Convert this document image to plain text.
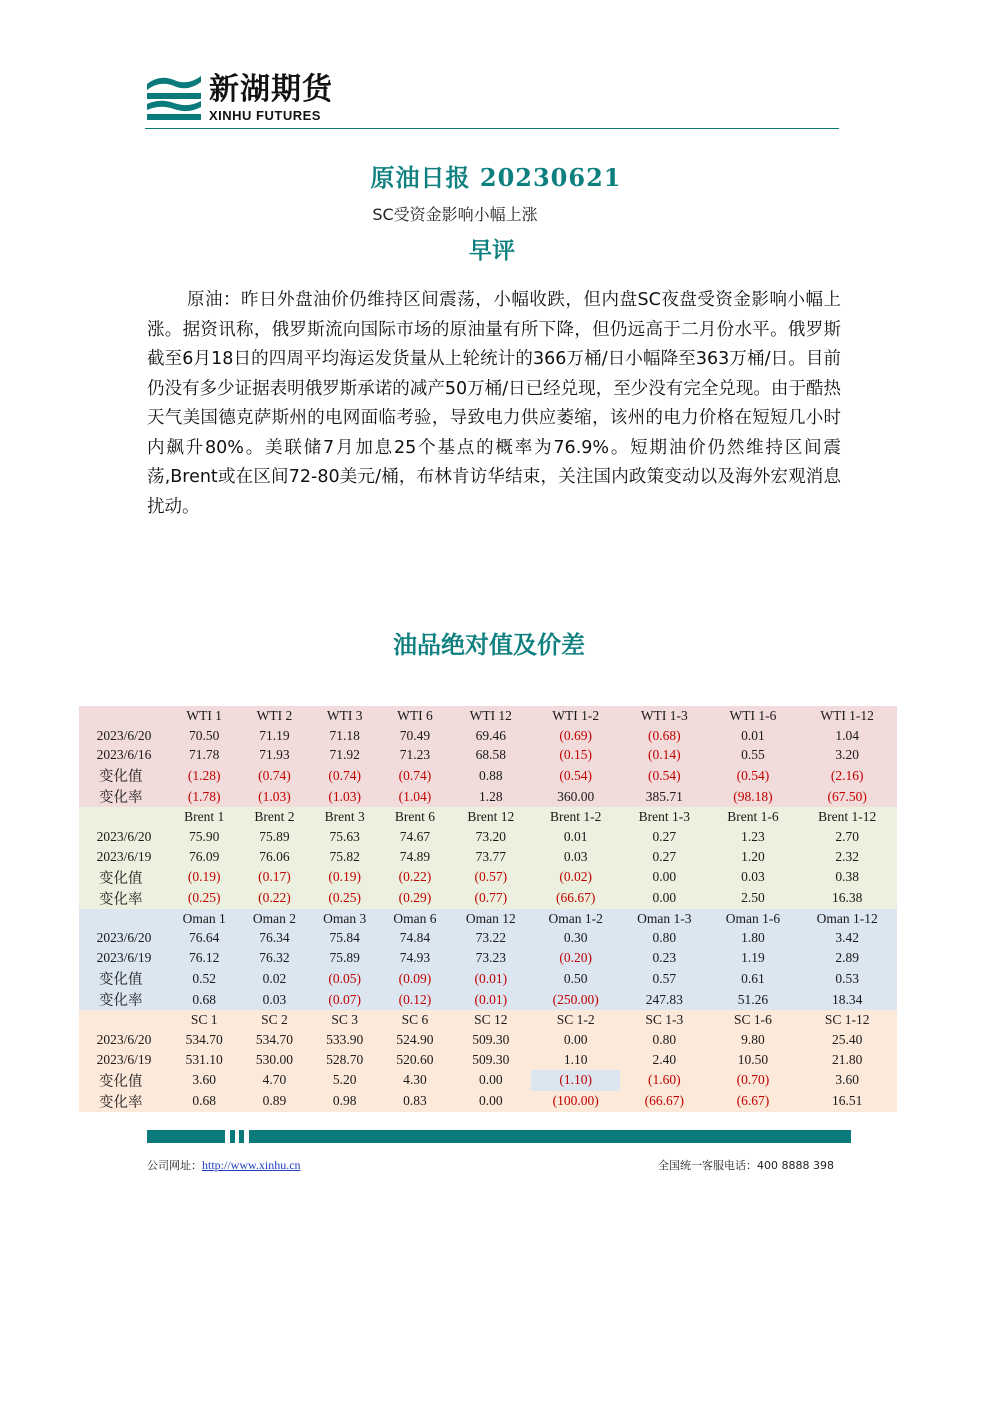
新湖期货
XINHU FUTURES
原油日报 20230621
SC受资金影响小幅上涨
早评

原油：昨日外盘油价仍维持区间震荡，小幅收跌，但内盘SC夜盘受资金影响小幅上涨。据资讯称，俄罗斯流向国际市场的原油量有所下降，但仍远高于二月份水平。俄罗斯截至6月18日的四周平均海运发货量从上轮统计的366万桶/日小幅降至363万桶/日。目前仍没有多少证据表明俄罗斯承诺的减产50万桶/日已经兑现，至少没有完全兑现。由于酷热天气美国德克萨斯州的电网面临考验，导致电力供应萎缩，该州的电力价格在短短几小时内飙升80%。美联储7月加息25个基点的概率为76.9%。短期油价仍然维持区间震荡,Brent或在区间72-80美元/桶，布林肯访华结束，关注国内政策变动以及海外宏观消息扰动。

油品绝对值及价差
	WTI 1	WTI 2	WTI 3	WTI 6	WTI 12	WTI 1-2	WTI 1-3	WTI 1-6	WTI 1-12
2023/6/20	70.50	71.19	71.18	70.49	69.46	(0.69)	(0.68)	0.01	1.04
2023/6/16	71.78	71.93	71.92	71.23	68.58	(0.15)	(0.14)	0.55	3.20
变化值	(1.28)	(0.74)	(0.74)	(0.74)	0.88	(0.54)	(0.54)	(0.54)	(2.16)
变化率	(1.78)	(1.03)	(1.03)	(1.04)	1.28	360.00	385.71	(98.18)	(67.50)
	Brent 1	Brent 2	Brent 3	Brent 6	Brent 12	Brent 1-2	Brent 1-3	Brent 1-6	Brent 1-12
2023/6/20	75.90	75.89	75.63	74.67	73.20	0.01	0.27	1.23	2.70
2023/6/19	76.09	76.06	75.82	74.89	73.77	0.03	0.27	1.20	2.32
变化值	(0.19)	(0.17)	(0.19)	(0.22)	(0.57)	(0.02)	0.00	0.03	0.38
变化率	(0.25)	(0.22)	(0.25)	(0.29)	(0.77)	(66.67)	0.00	2.50	16.38
	Oman 1	Oman 2	Oman 3	Oman 6	Oman 12	Oman 1-2	Oman 1-3	Oman 1-6	Oman 1-12
2023/6/20	76.64	76.34	75.84	74.84	73.22	0.30	0.80	1.80	3.42
2023/6/19	76.12	76.32	75.89	74.93	73.23	(0.20)	0.23	1.19	2.89
变化值	0.52	0.02	(0.05)	(0.09)	(0.01)	0.50	0.57	0.61	0.53
变化率	0.68	0.03	(0.07)	(0.12)	(0.01)	(250.00)	247.83	51.26	18.34
	SC 1	SC 2	SC 3	SC 6	SC 12	SC 1-2	SC 1-3	SC 1-6	SC 1-12
2023/6/20	534.70	534.70	533.90	524.90	509.30	0.00	0.80	9.80	25.40
2023/6/19	531.10	530.00	528.70	520.60	509.30	1.10	2.40	10.50	21.80
变化值	3.60	4.70	5.20	4.30	0.00	(1.10)	(1.60)	(0.70)	3.60
变化率	0.68	0.89	0.98	0.83	0.00	(100.00)	(66.67)	(6.67)	16.51
公司网址：http://www.xinhu.cn	全国统一客服电话：400 8888 398
